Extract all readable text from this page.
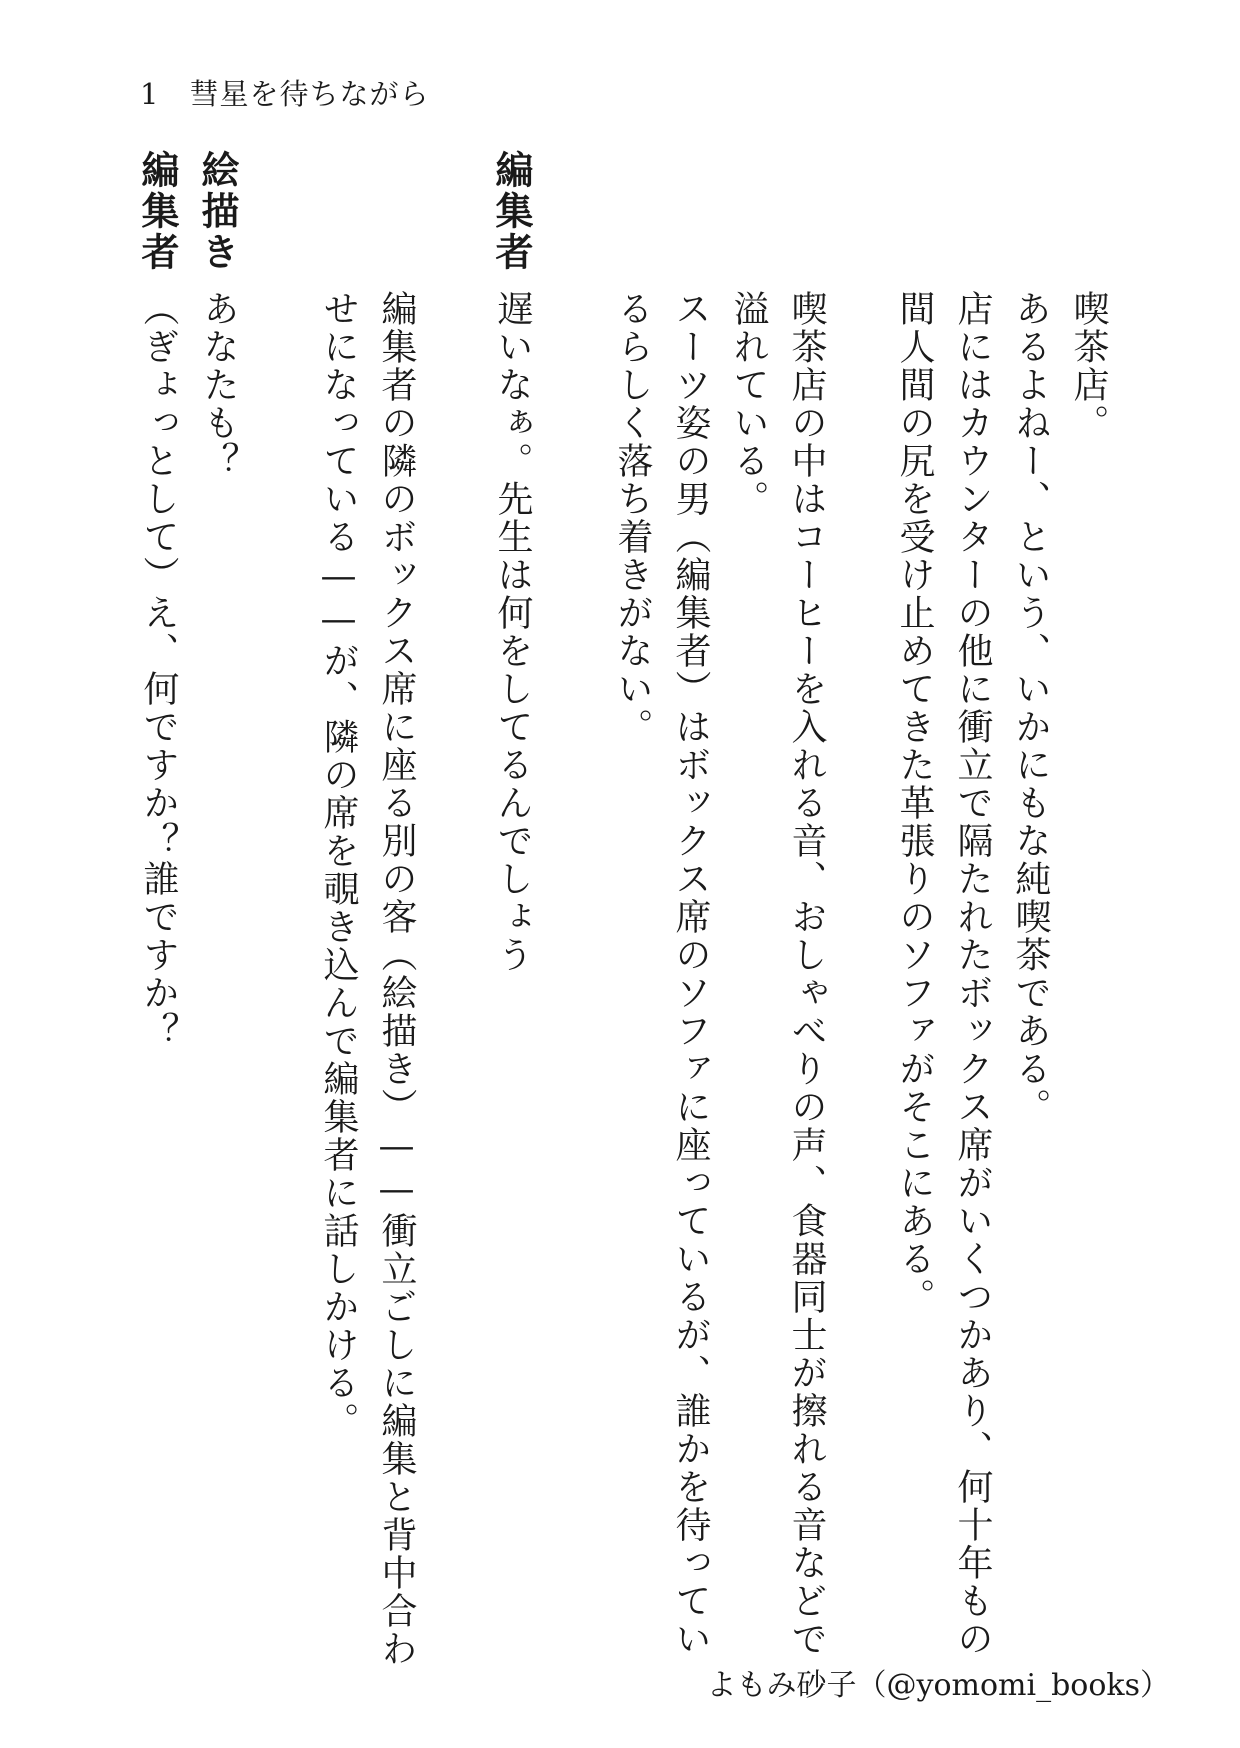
1 彗星を待ちながら
喫茶店。
あるよねー、という、いかにもな純喫茶である。
店にはカウンターの他に衝立で隔たれたボックス席がいくつかあり、何十年もの
間人間の尻を受け止めてきた革張りのソファがそこにある。
喫茶店の中はコーヒーを入れる音、おしゃべりの声、食器同士が擦れる音などで
溢れている。
スーツ姿の男（編集者）はボックス席のソファに座っているが、誰かを待ってい
るらしく落ち着きがない。
編集者
遅いなぁ。先生は何をしてるんでしょう
編集者の隣のボックス席に座る別の客（絵描き）——衝立ごしに編集と背中合わ
せになっている——が、隣の席を覗き込んで編集者に話しかける。
絵描き
あなたも？
編集者
（ぎょっとして）え、何ですか？誰ですか？
よもみ砂子（@yomomi_books）
